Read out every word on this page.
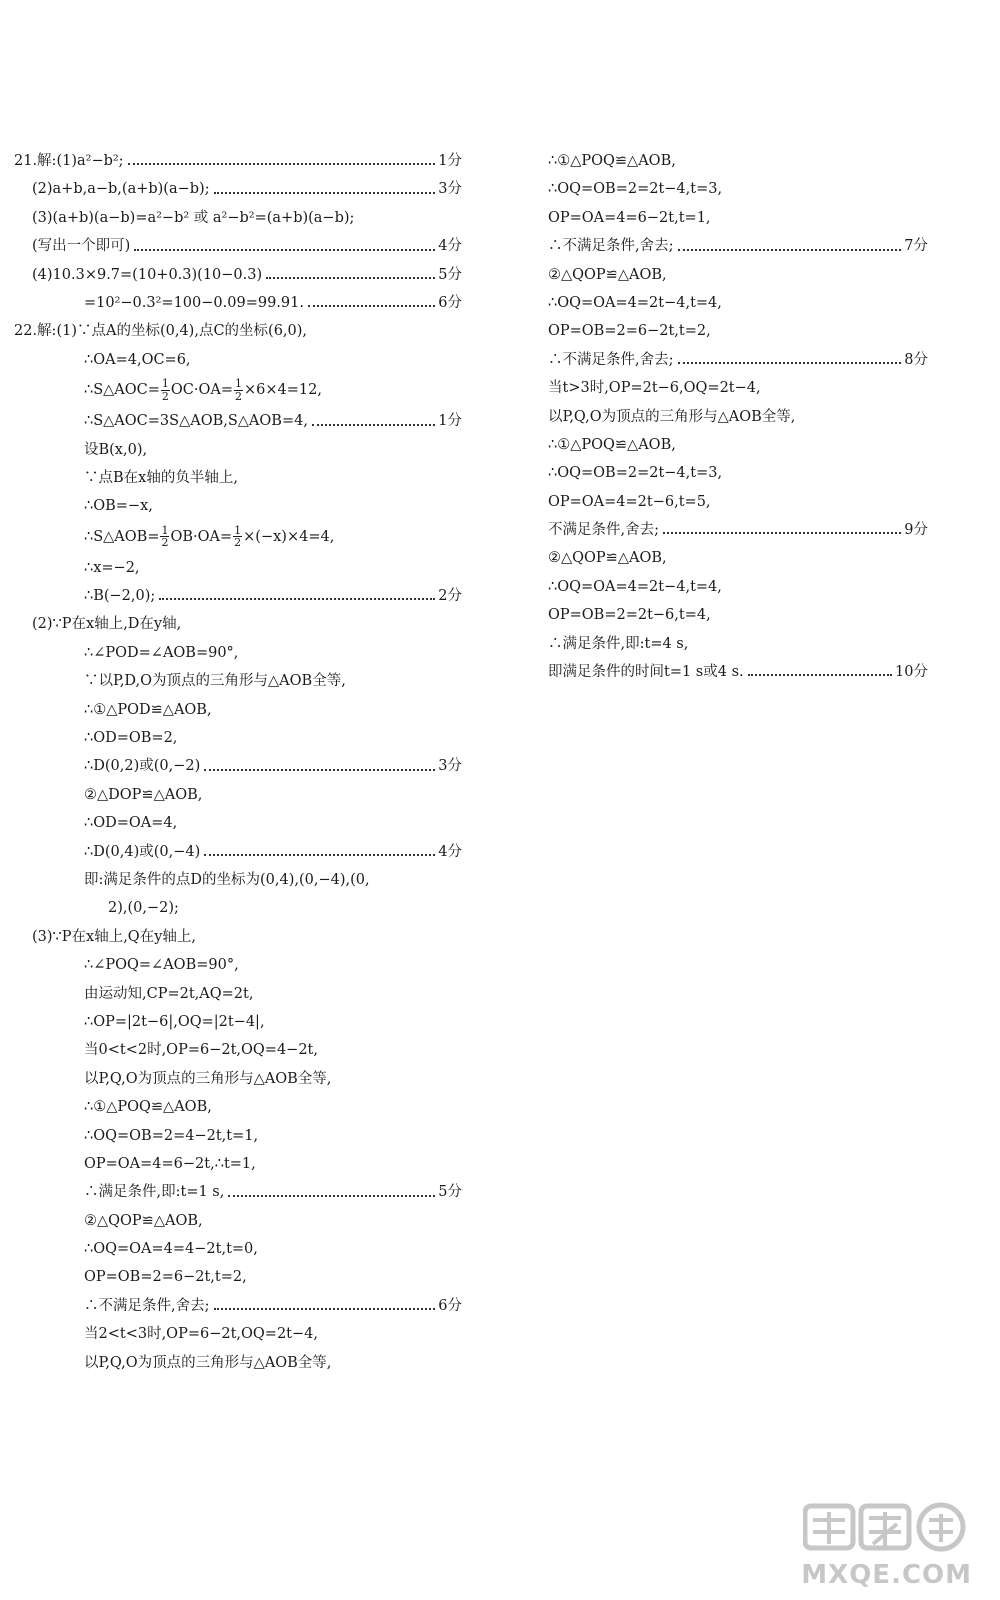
21.解:(1)a²−b²;	1分
(2)a+b,a−b,(a+b)(a−b);	3分
(3)(a+b)(a−b)=a²−b² 或 a²−b²=(a+b)(a−b);
(写出一个即可)	4分
(4)10.3×9.7=(10+0.3)(10−0.3)	5分
=10²−0.3²=100−0.09=99.91.	6分
22.解:(1)∵点A的坐标(0,4),点C的坐标(6,0),
∴OA=4,OC=6,
∴S△AOC= $\frac{1}{2} OC\cdot OA= \frac{1}{2} \times 6\times 4=12$,
∴S△AOC=3S△AOB,S△AOB=4,	1分
设B(x,0),
∵点B在x轴的负半轴上,
∴OB=−x,
∴S△AOB= $\frac{1}{2} OB\cdot OA= \frac{1}{2} \times(-x)\times 4=4$,
∴x=−2,
∴B(−2,0);	2分
(2)∵P在x轴上,D在y轴,
∴∠POD=∠AOB=90°,
∵以P,D,O为顶点的三角形与△AOB全等,
∴①△POD≌△AOB,
∴OD=OB=2,
∴D(0,2)或(0,−2)	3分
②△DOP≌△AOB,
∴OD=OA=4,
∴D(0,4)或(0,−4)	4分
即:满足条件的点D的坐标为(0,4),(0,−4),(0,
2),(0,−2);
(3)∵P在x轴上,Q在y轴上,
∴∠POQ=∠AOB=90°,
由运动知,CP=2t,AQ=2t,
∴OP=|2t−6|,OQ=|2t−4|,
当0<t<2时,OP=6−2t,OQ=4−2t,
以P,Q,O为顶点的三角形与△AOB全等,
∴①△POQ≌△AOB,
∴OQ=OB=2=4−2t,t=1,
OP=OA=4=6−2t,∴t=1,
∴满足条件,即:t=1 s,	5分
②△QOP≌△AOB,
∴OQ=OA=4=4−2t,t=0,
OP=OB=2=6−2t,t=2,
∴不满足条件,舍去;	6分
当2<t<3时,OP=6−2t,OQ=2t−4,
以P,Q,O为顶点的三角形与△AOB全等,
∴①△POQ≌△AOB,
∴OQ=OB=2=2t−4,t=3,
OP=OA=4=6−2t,t=1,
∴不满足条件,舍去;	7分
②△QOP≌△AOB,
∴OQ=OA=4=2t−4,t=4,
OP=OB=2=6−2t,t=2,
∴不满足条件,舍去;	8分
当t>3时,OP=2t−6,OQ=2t−4,
以P,Q,O为顶点的三角形与△AOB全等,
∴①△POQ≌△AOB,
∴OQ=OB=2=2t−4,t=3,
OP=OA=4=2t−6,t=5,
不满足条件,舍去;	9分
②△QOP≌△AOB,
∴OQ=OA=4=2t−4,t=4,
OP=OB=2=2t−6,t=4,
∴满足条件,即:t=4 s,
即满足条件的时间t=1 s或4 s.	10分
MXQE.COM
